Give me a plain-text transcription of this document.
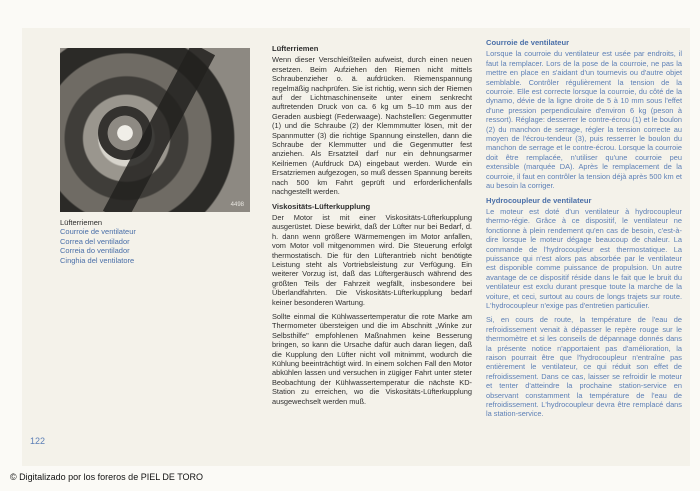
4498
Lüfterriemen
Courroie de ventilateur
Correa del ventilador
Correia do ventilador
Cinghia del ventilatore
Lüfterriemen

Wenn dieser Verschleißteilen aufweist, durch einen neuen ersetzen. Beim Aufziehen den Riemen nicht mittels Schraubenzieher o. ä. aufdrücken. Riemenspannung regelmäßig nachprüfen. Sie ist richtig, wenn sich der Riemen auf der Lichtmaschinenseite unter einem senkrecht auftretenden Druck von ca. 6 kg um 5–10 mm aus der Geraden ausbiegt (Federwaage). Nachstellen: Gegenmutter (1) und die Schraube (2) der Klemmmutter lösen, mit der Spannmutter (3) die richtige Spannung einstellen, dann die Schraube der Klemmutter und die Gegenmutter fest anziehen. Als Ersatzteil darf nur ein dehnungsarmer Keilriemen (Aufdruck DA) eingebaut werden. Wurde ein Ersatzriemen aufgezogen, so muß dessen Spannung bereits nach 500 km Fahrt geprüft und erforderlichenfalls nachgestellt werden.

Viskositäts-Lüfterkupplung

Der Motor ist mit einer Viskositäts-Lüfterkupplung ausgerüstet. Diese bewirkt, daß der Lüfter nur bei Bedarf, d. h. dann wenn größere Wärmemengen im Motor anfallen, vom Motor voll mitgenommen wird. Die Steuerung erfolgt thermostatisch. Die für den Lüfterantrieb nicht benötigte Leistung steht als Vortriebsleistung zur Verfügung. Ein weiterer Vorzug ist, daß das Lüftergeräusch während des größten Teils der Fahrzeit wegfällt, insbesondere bei Überlandfahrten. Die Viskositäts-Lüfterkupplung bedarf keiner besonderen Wartung.

Sollte einmal die Kühlwassertemperatur die rote Marke am Thermometer übersteigen und die im Abschnitt „Winke zur Selbsthilfe" empfohlenen Maßnahmen keine Besserung bringen, so kann die Ursache dafür auch daran liegen, daß die Kupplung den Lüfter nicht voll mitnimmt, wodurch die Kühlung beeinträchtigt wird. In einem solchen Fall den Motor abkühlen lassen und versuchen in zügiger Fahrt unter steter Beobachtung der Kühlwassertemperatur die nächste KD-Station zu erreichen, wo die Viskositäts-Lüfterkupplung ausgewechselt werden muß.

Courroie de ventilateur

Lorsque la courroie du ventilateur est usée par endroits, il faut la remplacer. Lors de la pose de la courroie, ne pas la mettre en place en s'aidant d'un tournevis ou d'autre objet semblable. Contrôler régulièrement la tension de la courroie. Elle est correcte lorsque la courroie, du côté de la dynamo, dévie de la ligne droite de 5 à 10 mm sous l'effet d'une pression perpendiculaire d'environ 6 kg (peson à ressort). Réglage: desserrer le contre-écrou (1) et le boulon (2) du manchon de serrage, régler la tension correcte au moyen de l'écrou-tendeur (3), puis resserrer le boulon du manchon de serrage et le contre-écrou. Lorsque la courroie doit être remplacée, n'utiliser qu'une courroie peu extensible (marquée DA). Après le remplacement de la courroie, il faut en contrôler la tension déjà après 500 km et au besoin la corriger.

Hydrocoupleur de ventilateur

Le moteur est doté d'un ventilateur à hydrocoupleur thermo-régie. Grâce à ce dispositif, le ventilateur ne fonctionne à plein rendement qu'en cas de besoin, c'est-à-dire lorsque le moteur dégage beaucoup de chaleur. La commande de l'hydrocoupleur est thermostatique. La puissance qui n'est alors pas absorbée par le ventilateur est disponible comme puissance de propulsion. Un autre avantage de ce dispositif réside dans le fait que le bruit du ventilateur est exclu durant presque toute la marche de la voiture, et ceci, surtout au cours de longs trajets sur route. L'hydrocoupleur n'exige pas d'entretien particulier.

Si, en cours de route, la température de l'eau de refroidissement venait à dépasser le repère rouge sur le thermomètre et si les conseils de dépannage donnés dans la présente notice n'apportaient pas d'amélioration, la raison pourrait être que l'hydrocoupleur n'entraîne pas entièrement le ventilateur, ce qui réduit son effet de refroidissement. Dans ce cas, laisser se refroidir le moteur et tenter d'atteindre la prochaine station-service en observant constamment la température de l'eau de refroidissement. L'hydrocoupleur devra être remplacé dans la station-service.

122
© Digitalizado por los foreros de PIEL DE TORO
